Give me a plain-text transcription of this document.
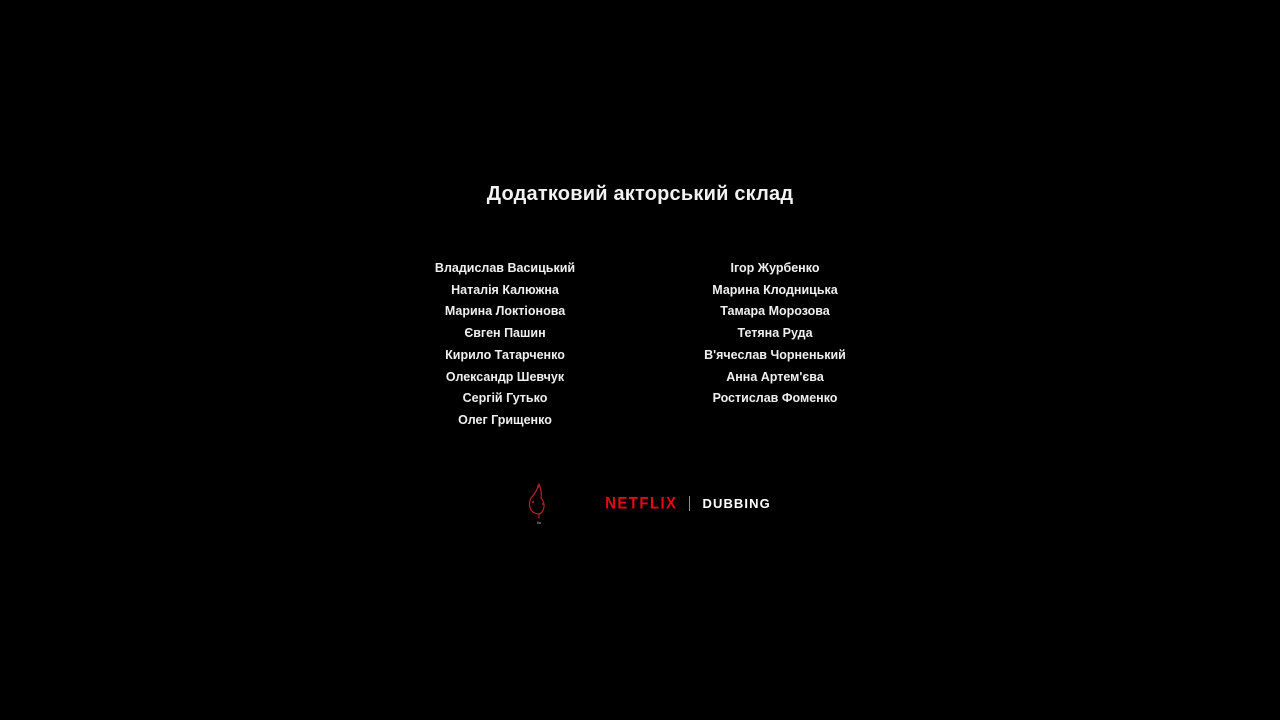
Додатковий акторський склад
Владислав Васицький
Наталія Калюжна
Марина Локтіонова
Євген Пашин
Кирило Татарченко
Олександр Шевчук
Сергій Гутько
Олег Грищенко
Ігор Журбенко
Марина Клодницька
Тамара Морозова
Тетяна Руда
В'ячеслав Чорненький
Анна Артем'єва
Ростислав Фоменко
ilu
NETFLIX DUBBING
